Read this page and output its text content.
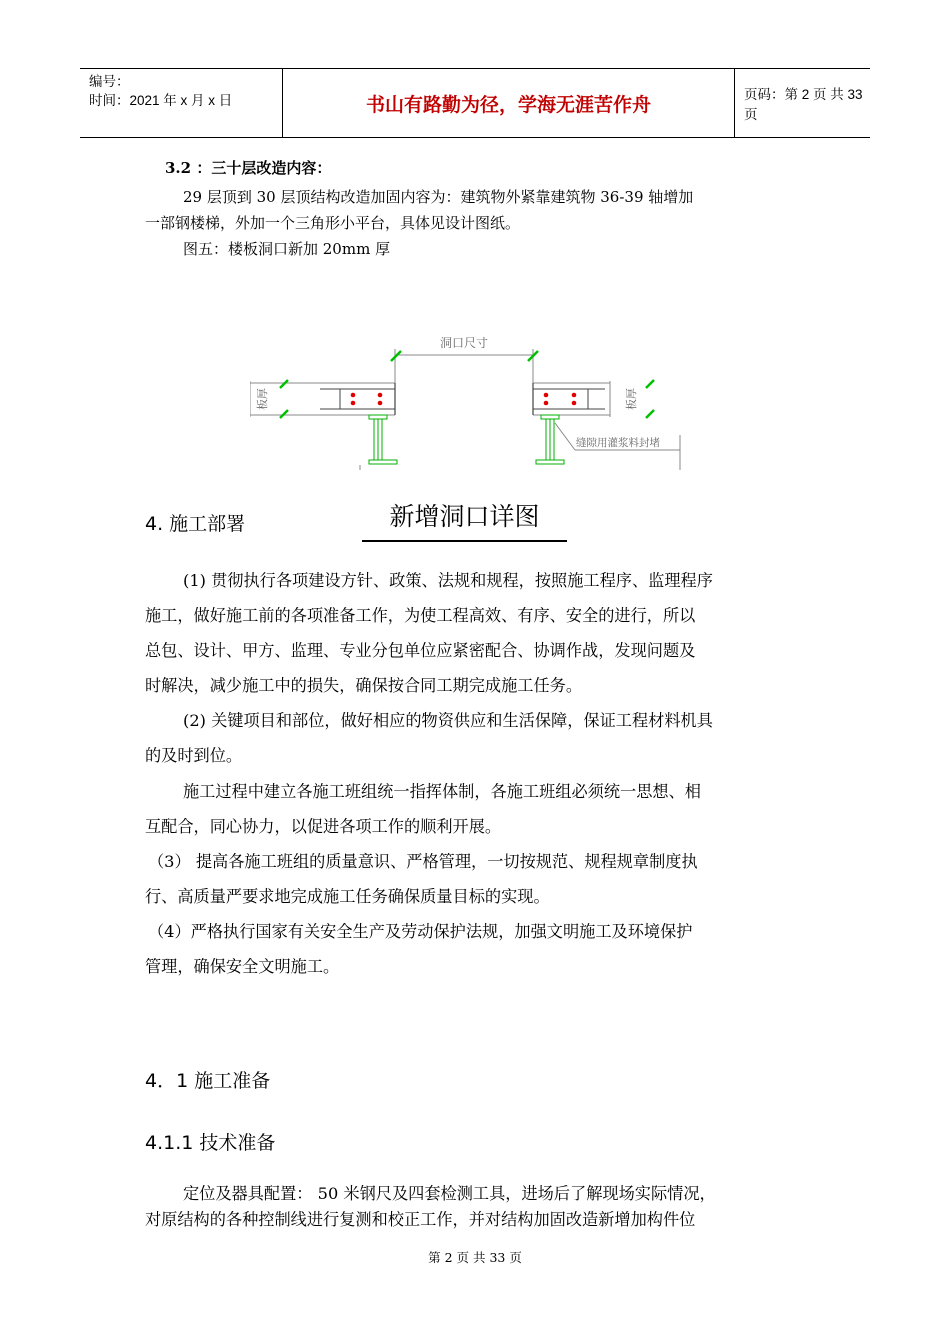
编号：
时间：2021 年 x 月 x 日	书山有路勤为径，学海无涯苦作舟	页码：第 2 页 共 33 页
3.2 ：三十层改造内容：
29 层顶到 30 层顶结构改造加固内容为：建筑物外紧靠建筑物 36-39 轴增加
一部钢楼梯，外加一个三角形小平台，具体见设计图纸。
图五：楼板洞口新加 20mm 厚
洞口尺寸
板厚	板厚
缝隙用灌浆料封堵
4. 施工部署	新增洞口详图
(1) 贯彻执行各项建设方针、政策、法规和规程，按照施工程序、监理程序
施工，做好施工前的各项准备工作，为使工程高效、有序、安全的进行，所以
总包、设计、甲方、监理、专业分包单位应紧密配合、协调作战，发现问题及
时解决，减少施工中的损失，确保按合同工期完成施工任务。
(2) 关键项目和部位，做好相应的物资供应和生活保障，保证工程材料机具
的及时到位。
施工过程中建立各施工班组统一指挥体制，各施工班组必须统一思想、相
互配合，同心协力，以促进各项工作的顺利开展。
（3） 提高各施工班组的质量意识、严格管理，一切按规范、规程规章制度执
行、高质量严要求地完成施工任务确保质量目标的实现。
（4）严格执行国家有关安全生产及劳动保护法规，加强文明施工及环境保护
管理，确保安全文明施工。
4．1 施工准备
4.1.1 技术准备
定位及器具配置： 50 米钢尺及四套检测工具，进场后了解现场实际情况，
对原结构的各种控制线进行复测和校正工作，并对结构加固改造新增加构件位
第 2 页 共 33 页
